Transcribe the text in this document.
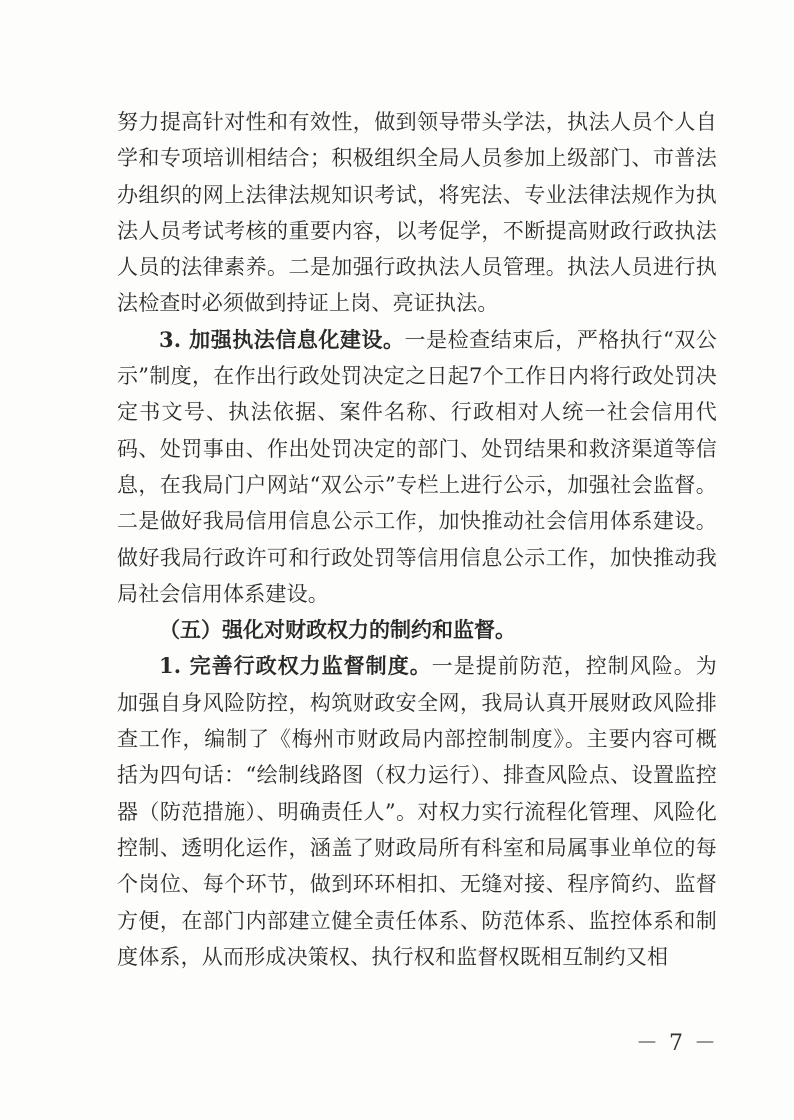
努力提高针对性和有效性，做到领导带头学法，执法人员个人自学和专项培训相结合；积极组织全局人员参加上级部门、市普法办组织的网上法律法规知识考试，将宪法、专业法律法规作为执法人员考试考核的重要内容，以考促学，不断提高财政行政执法人员的法律素养。二是加强行政执法人员管理。执法人员进行执法检查时必须做到持证上岗、亮证执法。

3. 加强执法信息化建设。一是检查结束后，严格执行“双公示”制度，在作出行政处罚决定之日起7个工作日内将行政处罚决定书文号、执法依据、案件名称、行政相对人统一社会信用代码、处罚事由、作出处罚决定的部门、处罚结果和救济渠道等信息，在我局门户网站“双公示”专栏上进行公示，加强社会监督。二是做好我局信用信息公示工作，加快推动社会信用体系建设。做好我局行政许可和行政处罚等信用信息公示工作，加快推动我局社会信用体系建设。

（五）强化对财政权力的制约和监督。

1. 完善行政权力监督制度。一是提前防范，控制风险。为加强自身风险防控，构筑财政安全网，我局认真开展财政风险排查工作，编制了《梅州市财政局内部控制制度》。主要内容可概括为四句话：“绘制线路图（权力运行）、排查风险点、设置监控器（防范措施）、明确责任人”。对权力实行流程化管理、风险化控制、透明化运作，涵盖了财政局所有科室和局属事业单位的每个岗位、每个环节，做到环环相扣、无缝对接、程序简约、监督方便，在部门内部建立健全责任体系、防范体系、监控体系和制度体系，从而形成决策权、执行权和监督权既相互制约又相

－ 7 －
